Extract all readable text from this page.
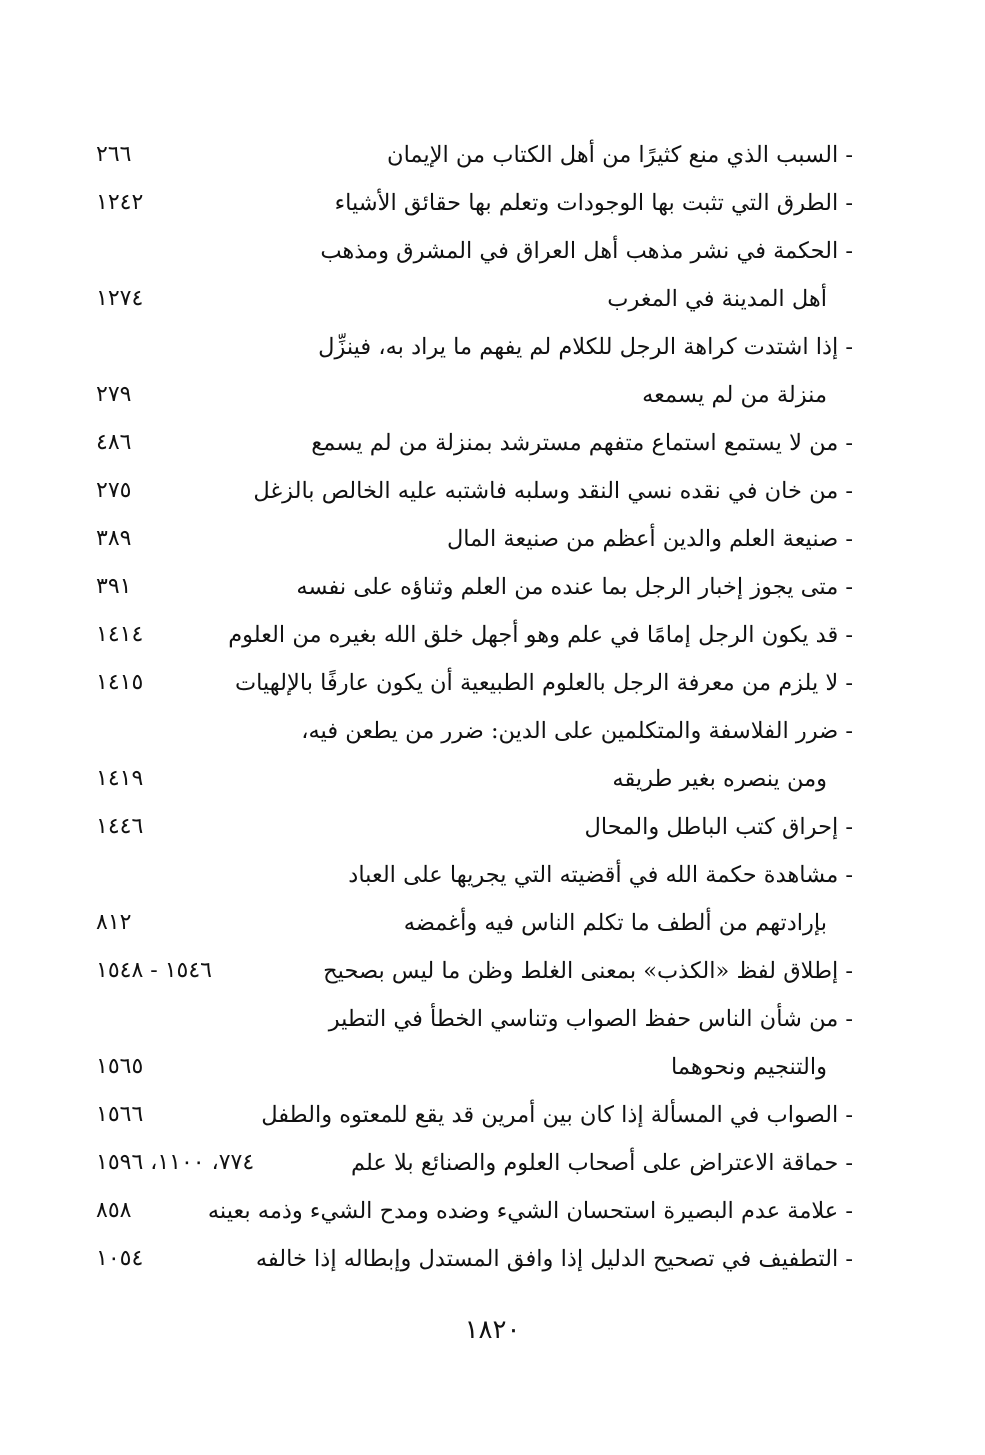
- السبب الذي منع كثيرًا من أهل الكتاب من الإيمان
٢٦٦
- الطرق التي تثبت بها الوجودات وتعلم بها حقائق الأشياء
١٢٤٢
- الحكمة في نشر مذهب أهل العراق في المشرق ومذهب
أهل المدينة في المغرب
١٢٧٤
- إذا اشتدت كراهة الرجل للكلام لم يفهم ما يراد به، فينزِّل
منزلة من لم يسمعه
٢٧٩
- من لا يستمع استماع متفهم مسترشد بمنزلة من لم يسمع
٤٨٦
- من خان في نقده نسي النقد وسلبه فاشتبه عليه الخالص بالزغل
٢٧٥
- صنيعة العلم والدين أعظم من صنيعة المال
٣٨٩
- متى يجوز إخبار الرجل بما عنده من العلم وثناؤه على نفسه
٣٩١
- قد يكون الرجل إمامًا في علم وهو أجهل خلق الله بغيره من العلوم
١٤١٤
- لا يلزم من معرفة الرجل بالعلوم الطبيعية أن يكون عارفًا بالإلهيات
١٤١٥
- ضرر الفلاسفة والمتكلمين على الدين: ضرر من يطعن فيه،
ومن ينصره بغير طريقه
١٤١٩
- إحراق كتب الباطل والمحال
١٤٤٦
- مشاهدة حكمة الله في أقضيته التي يجريها على العباد
بإرادتهم من ألطف ما تكلم الناس فيه وأغمضه
٨١٢
- إطلاق لفظ «الكذب» بمعنى الغلط وظن ما ليس بصحيح
١٥٤٦ - ١٥٤٨
- من شأن الناس حفظ الصواب وتناسي الخطأ في التطير
والتنجيم ونحوهما
١٥٦٥
- الصواب في المسألة إذا كان بين أمرين قد يقع للمعتوه والطفل
١٥٦٦
- حماقة الاعتراض على أصحاب العلوم والصنائع بلا علم
٧٧٤، ١١٠٠، ١٥٩٦
- علامة عدم البصيرة استحسان الشيء وضده ومدح الشيء وذمه بعينه
٨٥٨
- التطفيف في تصحيح الدليل إذا وافق المستدل وإبطاله إذا خالفه
١٠٥٤
١٨٢٠
